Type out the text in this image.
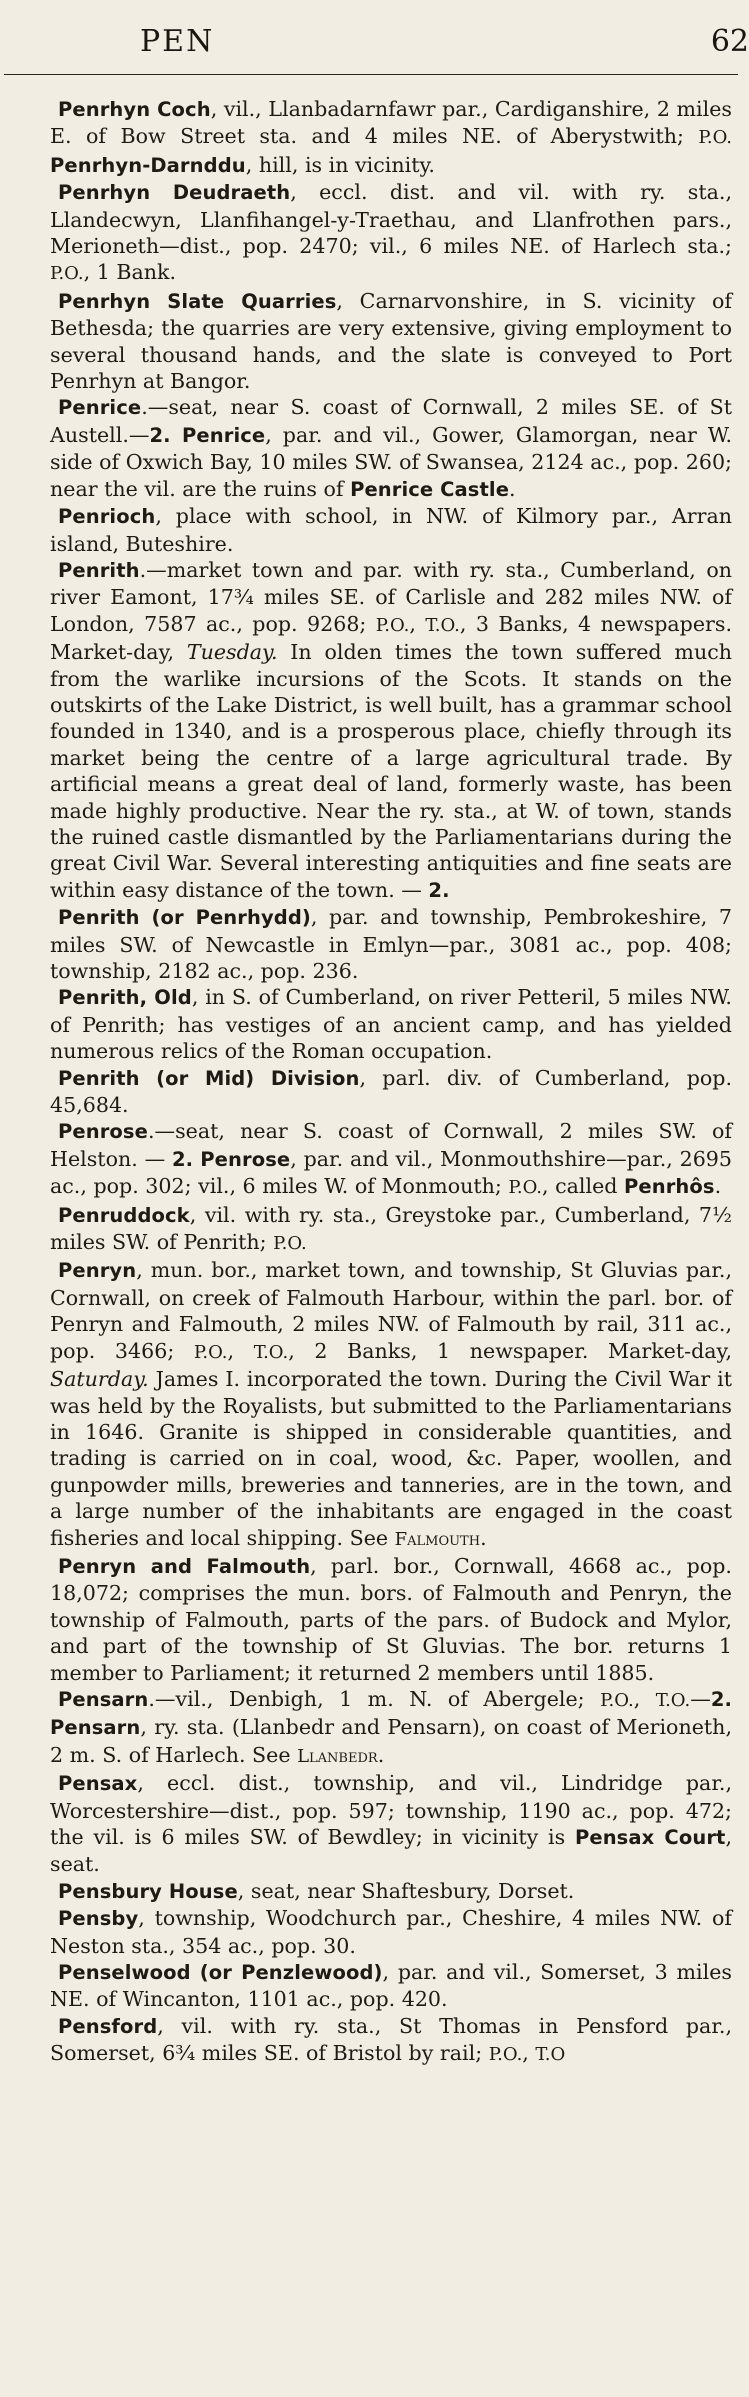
PEN	62

Penrhyn Coch, vil., Llanbadarnfawr par., Cardiganshire, 2 miles E. of Bow Street sta. and 4 miles NE. of Aberystwith; P.O. Penrhyn-Darnddu, hill, is in vicinity.

Penrhyn Deudraeth, eccl. dist. and vil. with ry. sta., Llandecwyn, Llanfihangel-y-Traethau, and Llanfrothen pars., Merioneth—dist., pop. 2470; vil., 6 miles NE. of Harlech sta.; P.O., 1 Bank.

Penrhyn Slate Quarries, Carnarvonshire, in S. vicinity of Bethesda; the quarries are very extensive, giving employment to several thousand hands, and the slate is conveyed to Port Penrhyn at Bangor.

Penrice.—seat, near S. coast of Cornwall, 2 miles SE. of St Austell.—2. Penrice, par. and vil., Gower, Glamorgan, near W. side of Oxwich Bay, 10 miles SW. of Swansea, 2124 ac., pop. 260; near the vil. are the ruins of Penrice Castle.

Penrioch, place with school, in NW. of Kilmory par., Arran island, Buteshire.

Penrith.—market town and par. with ry. sta., Cumberland, on river Eamont, 17¾ miles SE. of Carlisle and 282 miles NW. of London, 7587 ac., pop. 9268; P.O., T.O., 3 Banks, 4 newspapers. Market-day, Tuesday. In olden times the town suffered much from the warlike incursions of the Scots. It stands on the outskirts of the Lake District, is well built, has a grammar school founded in 1340, and is a prosperous place, chiefly through its market being the centre of a large agricultural trade. By artificial means a great deal of land, formerly waste, has been made highly productive. Near the ry. sta., at W. of town, stands the ruined castle dismantled by the Parliamentarians during the great Civil War. Several interesting antiquities and fine seats are within easy distance of the town. — 2.

Penrith (or Penrhydd), par. and township, Pembrokeshire, 7 miles SW. of Newcastle in Emlyn—par., 3081 ac., pop. 408; township, 2182 ac., pop. 236.

Penrith, Old, in S. of Cumberland, on river Petteril, 5 miles NW. of Penrith; has vestiges of an ancient camp, and has yielded numerous relics of the Roman occupation.

Penrith (or Mid) Division, parl. div. of Cumberland, pop. 45,684.

Penrose.—seat, near S. coast of Cornwall, 2 miles SW. of Helston. — 2. Penrose, par. and vil., Monmouthshire—par., 2695 ac., pop. 302; vil., 6 miles W. of Monmouth; P.O., called Penrhôs.

Penruddock, vil. with ry. sta., Greystoke par., Cumberland, 7½ miles SW. of Penrith; P.O.

Penryn, mun. bor., market town, and township, St Gluvias par., Cornwall, on creek of Falmouth Harbour, within the parl. bor. of Penryn and Falmouth, 2 miles NW. of Falmouth by rail, 311 ac., pop. 3466; P.O., T.O., 2 Banks, 1 newspaper. Market-day, Saturday. James I. incorporated the town. During the Civil War it was held by the Royalists, but submitted to the Parliamentarians in 1646. Granite is shipped in considerable quantities, and trading is carried on in coal, wood, &c. Paper, woollen, and gunpowder mills, breweries and tanneries, are in the town, and a large number of the inhabitants are engaged in the coast fisheries and local shipping. See Falmouth.

Penryn and Falmouth, parl. bor., Cornwall, 4668 ac., pop. 18,072; comprises the mun. bors. of Falmouth and Penryn, the township of Falmouth, parts of the pars. of Budock and Mylor, and part of the township of St Gluvias. The bor. returns 1 member to Parliament; it returned 2 members until 1885.

Pensarn.—vil., Denbigh, 1 m. N. of Abergele; P.O., T.O.—2. Pensarn, ry. sta. (Llanbedr and Pensarn), on coast of Merioneth, 2 m. S. of Harlech. See Llanbedr.

Pensax, eccl. dist., township, and vil., Lindridge par., Worcestershire—dist., pop. 597; township, 1190 ac., pop. 472; the vil. is 6 miles SW. of Bewdley; in vicinity is Pensax Court, seat.

Pensbury House, seat, near Shaftesbury, Dorset.

Pensby, township, Woodchurch par., Cheshire, 4 miles NW. of Neston sta., 354 ac., pop. 30.

Penselwood (or Penzlewood), par. and vil., Somerset, 3 miles NE. of Wincanton, 1101 ac., pop. 420.

Pensford, vil. with ry. sta., St Thomas in Pensford par., Somerset, 6¾ miles SE. of Bristol by rail; P.O., T.O
